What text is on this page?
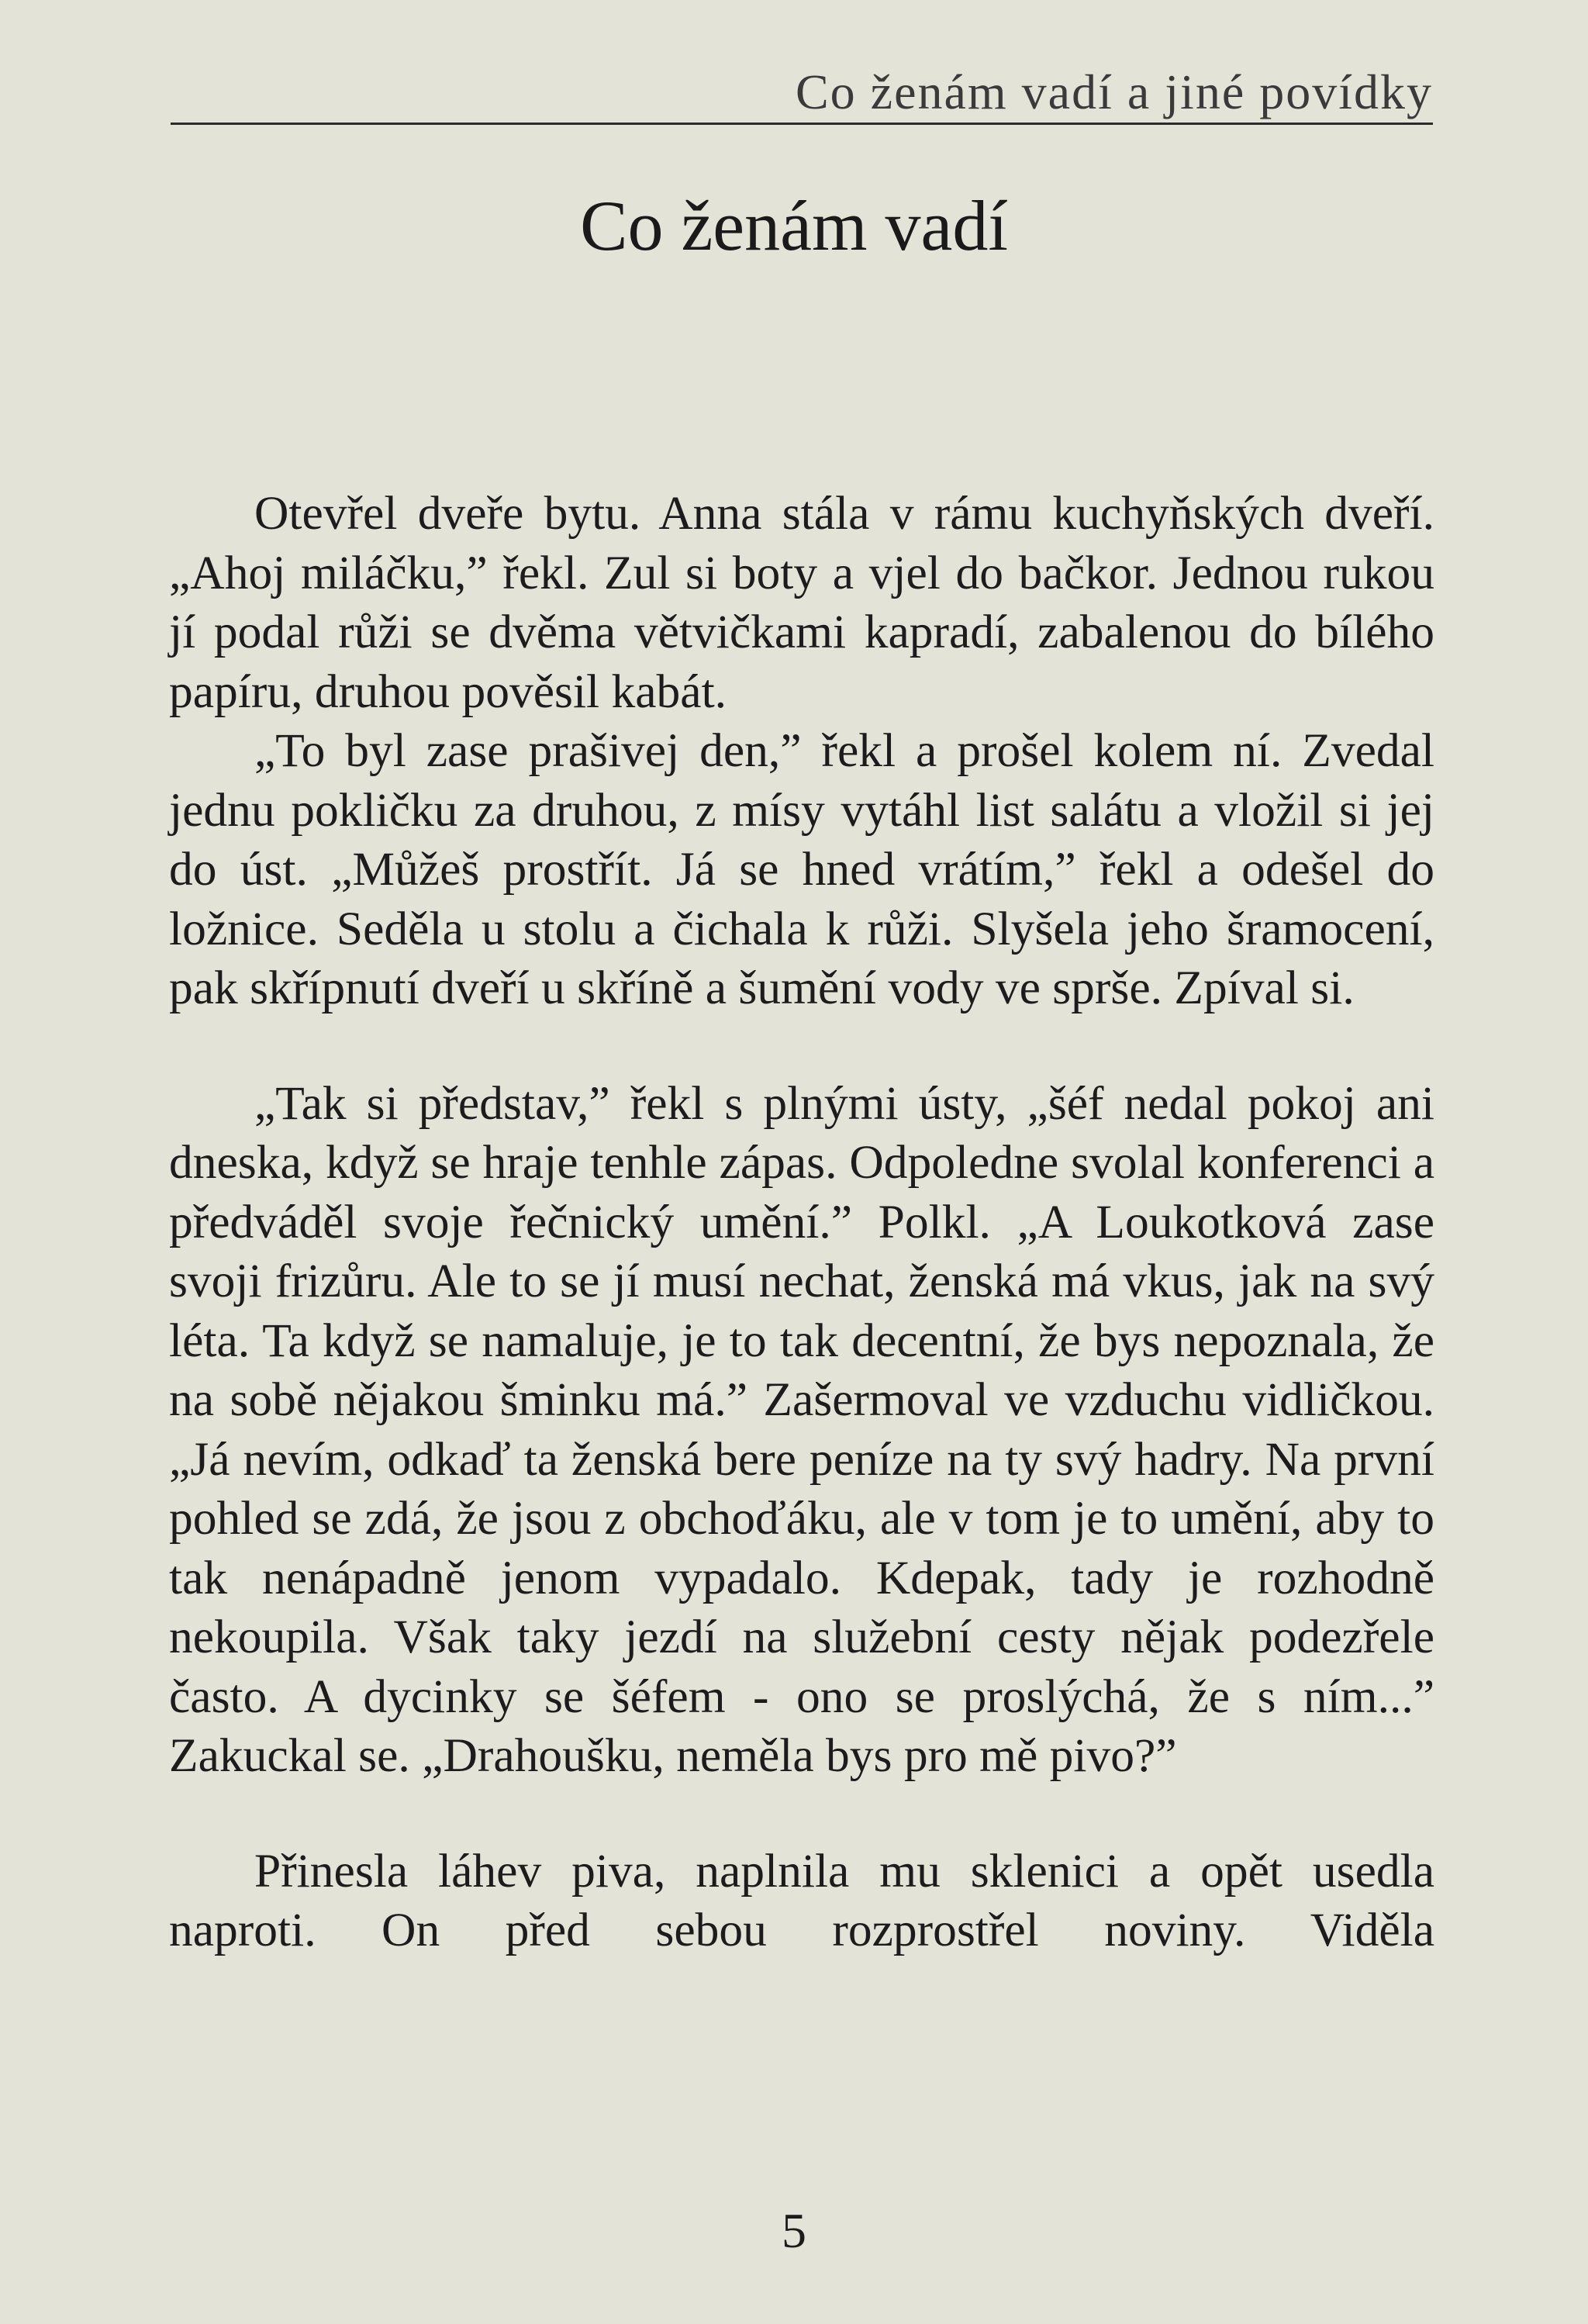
Co ženám vadí a jiné povídky
Co ženám vadí

Otevřel dveře bytu. Anna stála v rámu kuchyňských dveří. „Ahoj miláčku,” řekl. Zul si boty a vjel do bačkor. Jednou rukou jí podal růži se dvěma větvičkami kapradí, zabalenou do bílého papíru, druhou pověsil kabát.

„To byl zase prašivej den,” řekl a prošel kolem ní. Zvedal jednu pokličku za druhou, z mísy vytáhl list salátu a vložil si jej do úst. „Můžeš prostřít. Já se hned vrátím,” řekl a odešel do ložnice. Seděla u stolu a čichala k růži. Slyšela jeho šramocení, pak skřípnutí dveří u skříně a šumění vody ve sprše. Zpíval si.

„Tak si představ,” řekl s plnými ústy, „šéf nedal pokoj ani dneska, když se hraje tenhle zápas. Odpoledne svolal konferenci a předváděl svoje řečnický umění.” Polkl. „A Loukotková zase svoji frizůru. Ale to se jí musí nechat, ženská má vkus, jak na svý léta. Ta když se namaluje, je to tak decentní, že bys nepoznala, že na sobě nějakou šminku má.” Zašermoval ve vzduchu vidličkou. „Já nevím, odkaď ta ženská bere peníze na ty svý hadry. Na první pohled se zdá, že jsou z obchoďáku, ale v tom je to umění, aby to tak nenápadně jenom vypadalo. Kdepak, tady je rozhodně nekoupila. Však taky jezdí na služební cesty nějak podezřele často. A dycinky se šéfem - ono se proslýchá, že s ním...” Zakuckal se. „Drahoušku, neměla bys pro mě pivo?”

Přinesla láhev piva, naplnila mu sklenici a opět usedla naproti. On před sebou rozprostřel noviny. Viděla

5
